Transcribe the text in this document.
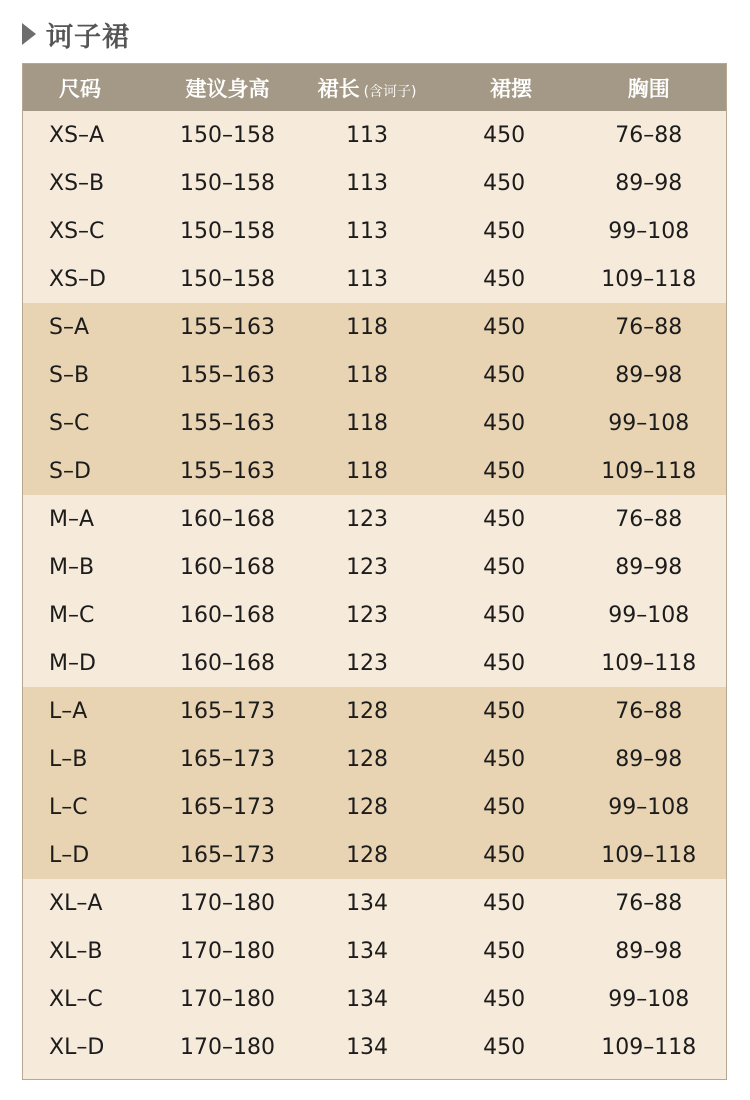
诃子裙
尺码	建议身高	裙长 (含诃子)	裙摆	胸围
XS–A	150–158	113	450	76–88
XS–B	150–158	113	450	89–98
XS–C	150–158	113	450	99–108
XS–D	150–158	113	450	109–118
S–A	155–163	118	450	76–88
S–B	155–163	118	450	89–98
S–C	155–163	118	450	99–108
S–D	155–163	118	450	109–118
M–A	160–168	123	450	76–88
M–B	160–168	123	450	89–98
M–C	160–168	123	450	99–108
M–D	160–168	123	450	109–118
L–A	165–173	128	450	76–88
L–B	165–173	128	450	89–98
L–C	165–173	128	450	99–108
L–D	165–173	128	450	109–118
XL–A	170–180	134	450	76–88
XL–B	170–180	134	450	89–98
XL–C	170–180	134	450	99–108
XL–D	170–180	134	450	109–118
